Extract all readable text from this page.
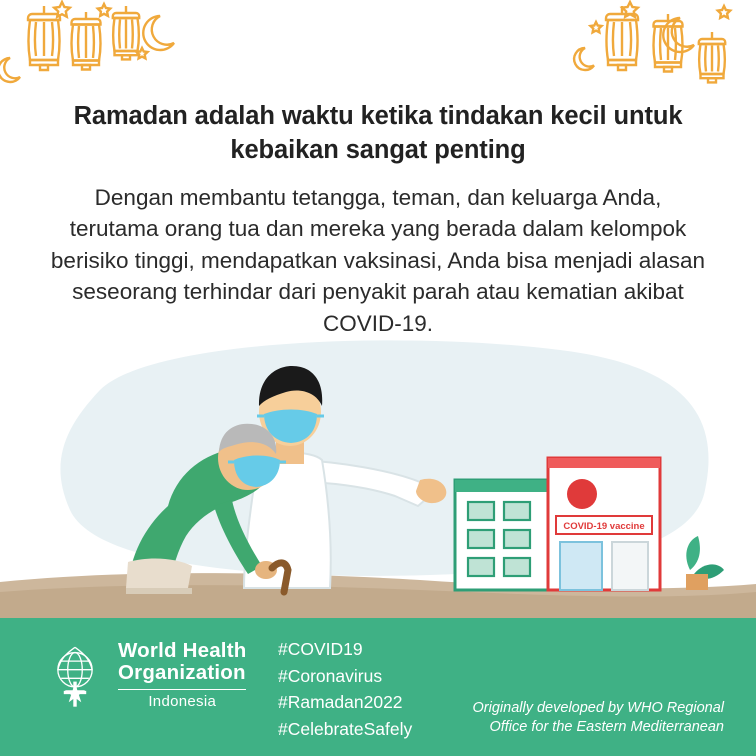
Ramadan adalah waktu ketika tindakan kecil untuk kebaikan sangat penting

Dengan membantu tetangga, teman, dan keluarga Anda, terutama orang tua dan mereka yang berada dalam kelompok berisiko tinggi, mendapatkan vaksinasi, Anda bisa menjadi alasan seseorang terhindar dari penyakit parah atau kematian akibat COVID-19.

COVID-19 vaccine
World Health
Organization
Indonesia
#COVID19
#Coronavirus
#Ramadan2022
#CelebrateSafely
Originally developed by WHO Regional
Office for the Eastern Mediterranean
